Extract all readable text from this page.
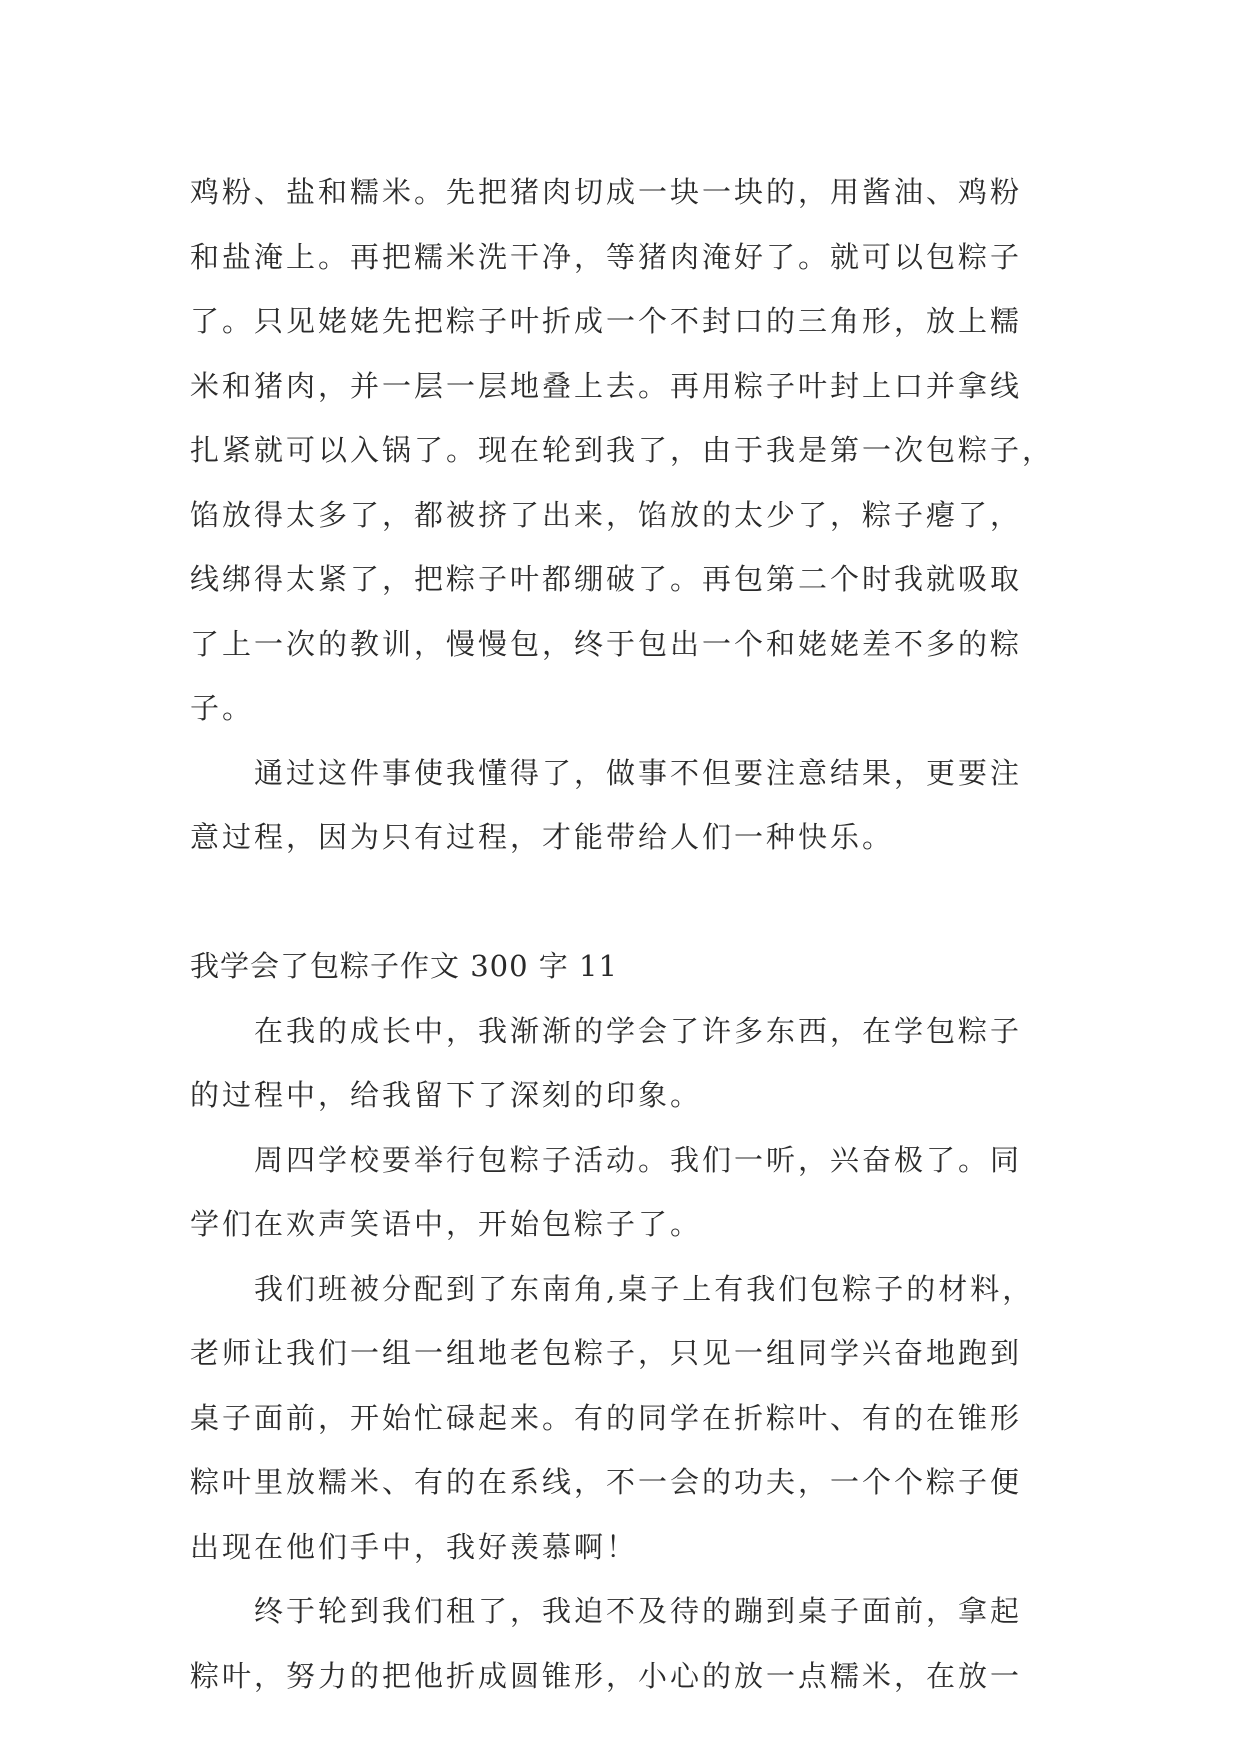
鸡粉、盐和糯米。先把猪肉切成一块一块的，用酱油、鸡粉
和盐淹上。再把糯米洗干净，等猪肉淹好了。就可以包粽子
了。只见姥姥先把粽子叶折成一个不封口的三角形，放上糯
米和猪肉，并一层一层地叠上去。再用粽子叶封上口并拿线
扎紧就可以入锅了。现在轮到我了，由于我是第一次包粽子，
馅放得太多了，都被挤了出来，馅放的太少了，粽子瘪了，
线绑得太紧了，把粽子叶都绷破了。再包第二个时我就吸取
了上一次的教训，慢慢包，终于包出一个和姥姥差不多的粽
子。
通过这件事使我懂得了，做事不但要注意结果，更要注
意过程，因为只有过程，才能带给人们一种快乐。
我学会了包粽子作文 300 字 11
在我的成长中，我渐渐的学会了许多东西，在学包粽子
的过程中，给我留下了深刻的印象。
周四学校要举行包粽子活动。我们一听，兴奋极了。同
学们在欢声笑语中，开始包粽子了。
我们班被分配到了东南角,桌子上有我们包粽子的材料，
老师让我们一组一组地老包粽子，只见一组同学兴奋地跑到
桌子面前，开始忙碌起来。有的同学在折粽叶、有的在锥形
粽叶里放糯米、有的在系线，不一会的功夫，一个个粽子便
出现在他们手中，我好羡慕啊！
终于轮到我们租了，我迫不及待的蹦到桌子面前，拿起
粽叶，努力的把他折成圆锥形，小心的放一点糯米，在放一
